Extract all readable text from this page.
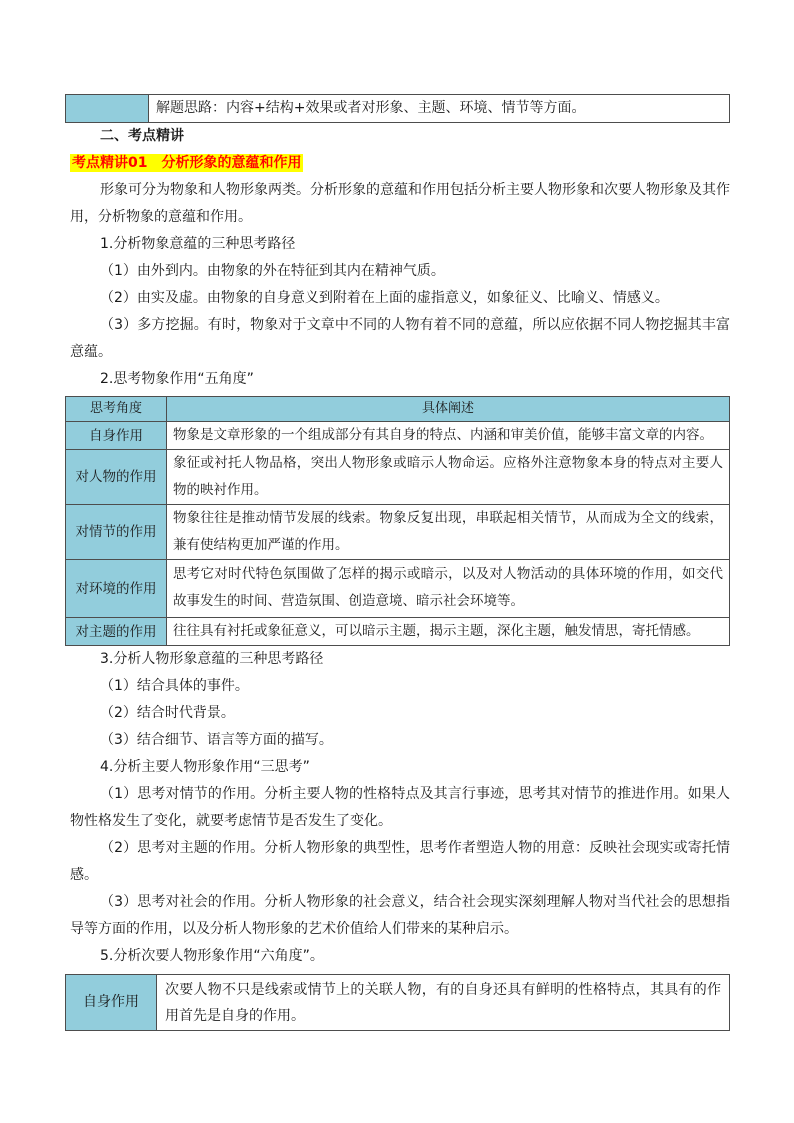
	解题思路：内容+结构+效果或者对形象、主题、环境、情节等方面。
二、考点精讲
考点精讲01　分析形象的意蕴和作用

形象可分为物象和人物形象两类。分析形象的意蕴和作用包括分析主要人物形象和次要人物形象及其作用，分析物象的意蕴和作用。

1.分析物象意蕴的三种思考路径

（1）由外到内。由物象的外在特征到其内在精神气质。

（2）由实及虚。由物象的自身意义到附着在上面的虚指意义，如象征义、比喻义、情感义。

（3）多方挖掘。有时，物象对于文章中不同的人物有着不同的意蕴，所以应依据不同人物挖掘其丰富意蕴。

2.思考物象作用“五角度”

思考角度	具体阐述
自身作用	物象是文章形象的一个组成部分有其自身的特点、内涵和审美价值，能够丰富文章的内容。
对人物的作用	象征或衬托人物品格，突出人物形象或暗示人物命运。应格外注意物象本身的特点对主要人物的映衬作用。
对情节的作用	物象往往是推动情节发展的线索。物象反复出现，串联起相关情节，从而成为全文的线索，兼有使结构更加严谨的作用。
对环境的作用	思考它对时代特色氛围做了怎样的揭示或暗示，以及对人物活动的具体环境的作用，如交代故事发生的时间、营造氛围、创造意境、暗示社会环境等。
对主题的作用	往往具有衬托或象征意义，可以暗示主题，揭示主题，深化主题，触发情思，寄托情感。

3.分析人物形象意蕴的三种思考路径

（1）结合具体的事件。

（2）结合时代背景。

（3）结合细节、语言等方面的描写。

4.分析主要人物形象作用“三思考”

（1）思考对情节的作用。分析主要人物的性格特点及其言行事迹，思考其对情节的推进作用。如果人物性格发生了变化，就要考虑情节是否发生了变化。

（2）思考对主题的作用。分析人物形象的典型性，思考作者塑造人物的用意：反映社会现实或寄托情感。

（3）思考对社会的作用。分析人物形象的社会意义，结合社会现实深刻理解人物对当代社会的思想指导等方面的作用，以及分析人物形象的艺术价值给人们带来的某种启示。

5.分析次要人物形象作用“六角度”。

自身作用	次要人物不只是线索或情节上的关联人物，有的自身还具有鲜明的性格特点，其具有的作用首先是自身的作用。
